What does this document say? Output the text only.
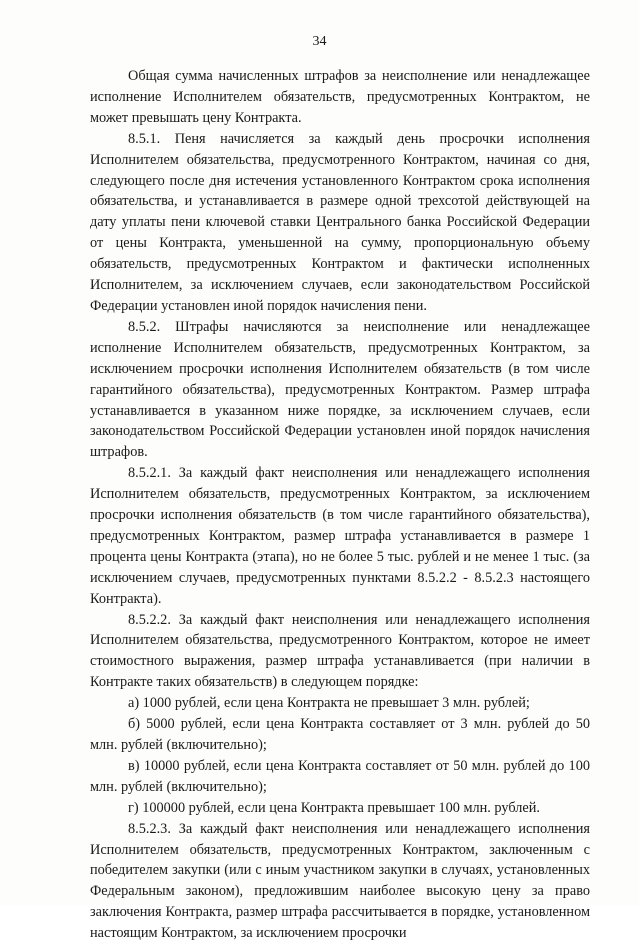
34

Общая сумма начисленных штрафов за неисполнение или ненадлежащее исполнение Исполнителем обязательств, предусмотренных Контрактом, не может превышать цену Контракта.

8.5.1. Пеня начисляется за каждый день просрочки исполнения Исполнителем обязательства, предусмотренного Контрактом, начиная со дня, следующего после дня истечения установленного Контрактом срока исполнения обязательства, и устанавливается в размере одной трехсотой действующей на дату уплаты пени ключевой ставки Центрального банка Российской Федерации от цены Контракта, уменьшенной на сумму, пропорциональную объему обязательств, предусмотренных Контрактом и фактически исполненных Исполнителем, за исключением случаев, если законодательством Российской Федерации установлен иной порядок начисления пени.

8.5.2. Штрафы начисляются за неисполнение или ненадлежащее исполнение Исполнителем обязательств, предусмотренных Контрактом, за исключением просрочки исполнения Исполнителем обязательств (в том числе гарантийного обязательства), предусмотренных Контрактом. Размер штрафа устанавливается в указанном ниже порядке, за исключением случаев, если законодательством Российской Федерации установлен иной порядок начисления штрафов.

8.5.2.1. За каждый факт неисполнения или ненадлежащего исполнения Исполнителем обязательств, предусмотренных Контрактом, за исключением просрочки исполнения обязательств (в том числе гарантийного обязательства), предусмотренных Контрактом, размер штрафа устанавливается в размере 1 процента цены Контракта (этапа), но не более 5 тыс. рублей и не менее 1 тыс. (за исключением случаев, предусмотренных пунктами 8.5.2.2 - 8.5.2.3 настоящего Контракта).

8.5.2.2. За каждый факт неисполнения или ненадлежащего исполнения Исполнителем обязательства, предусмотренного Контрактом, которое не имеет стоимостного выражения, размер штрафа устанавливается (при наличии в Контракте таких обязательств) в следующем порядке:

а) 1000 рублей, если цена Контракта не превышает 3 млн. рублей;

б) 5000 рублей, если цена Контракта составляет от 3 млн. рублей до 50 млн. рублей (включительно);

в) 10000 рублей, если цена Контракта составляет от 50 млн. рублей до 100 млн. рублей (включительно);

г) 100000 рублей, если цена Контракта превышает 100 млн. рублей.

8.5.2.3. За каждый факт неисполнения или ненадлежащего исполнения Исполнителем обязательств, предусмотренных Контрактом, заключенным с победителем закупки (или с иным участником закупки в случаях, установленных Федеральным законом), предложившим наиболее высокую цену за право заключения Контракта, размер штрафа рассчитывается в порядке, установленном настоящим Контрактом, за исключением просрочки
